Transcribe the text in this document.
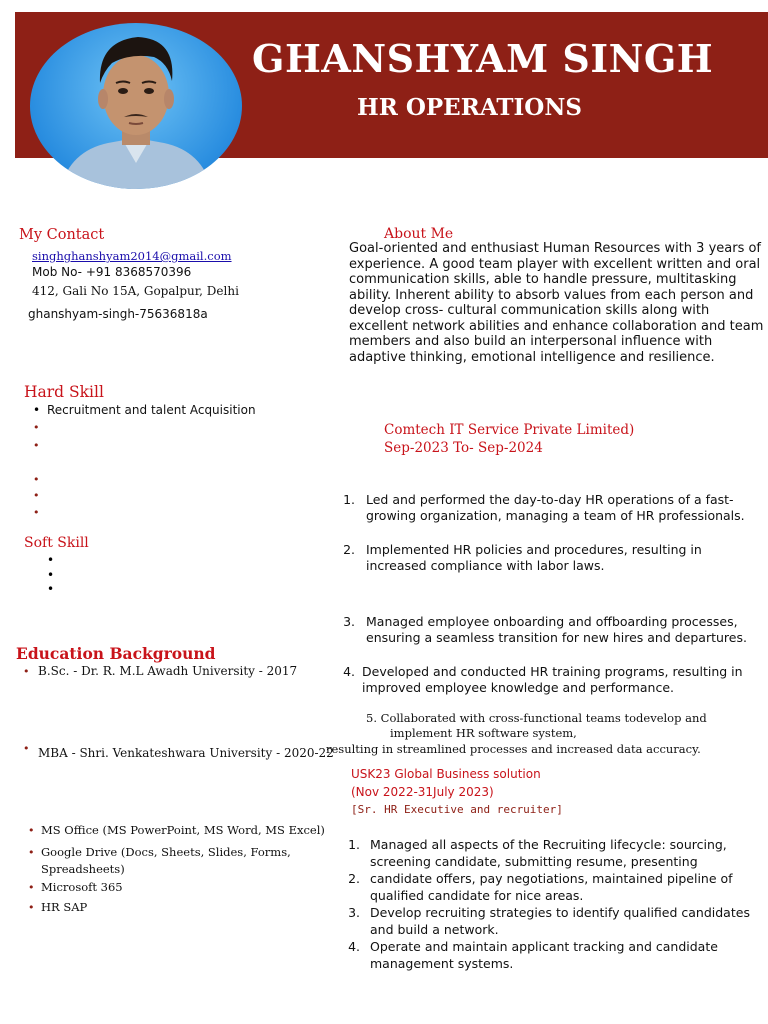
GHANSHYAM SINGH
HR OPERATIONS
My Contact
singhghanshyam2014@gmail.com
Mob No- +91 8368570396
412, Gali No 15A, Gopalpur, Delhi
ghanshyam-singh-75636818a
Hard Skill
• Recruitment and talent Acquisition
•
•
•
•
•
Soft Skill
•
•
•
Education Background
• B.Sc. - Dr. R. M.L Awadh University - 2017
• MBA - Shri. Venkateshwara University - 2020-22
• MS Office (MS PowerPoint, MS Word, MS Excel)
• Google Drive (Docs, Sheets, Slides, Forms,
Spreadsheets)
• Microsoft 365
• HR SAP
About Me
Goal-oriented and enthusiast Human Resources with 3 years of experience. A good team player with excellent written and oral communication skills, able to handle pressure, multitasking ability. Inherent ability to absorb values from each person and develop cross- cultural communication skills along with excellent network abilities and enhance collaboration and team members and also build an interpersonal influence with adaptive thinking, emotional intelligence and resilience.
Comtech IT Service Private Limited)
Sep-2023 To- Sep-2024
1. Led and performed the day-to-day HR operations of a fast-growing organization, managing a team of HR professionals.
2. Implemented HR policies and procedures, resulting in increased compliance with labor laws.
3. Managed employee onboarding and offboarding processes, ensuring a seamless transition for new hires and departures.
4. Developed and conducted HR training programs, resulting in improved employee knowledge and performance.
5. Collaborated with cross-functional teams todevelop and
implement HR software system,
resulting in streamlined processes and increased data accuracy.
USK23 Global Business solution
(Nov 2022-31July 2023)
[Sr. HR Executive and recruiter]
1. Managed all aspects of the Recruiting lifecycle: sourcing, screening candidate, submitting resume, presenting
2. candidate offers, pay negotiations, maintained pipeline of qualified candidate for nice areas.
3. Develop recruiting strategies to identify qualified candidates and build a network.
4. Operate and maintain applicant tracking and candidate management systems.
